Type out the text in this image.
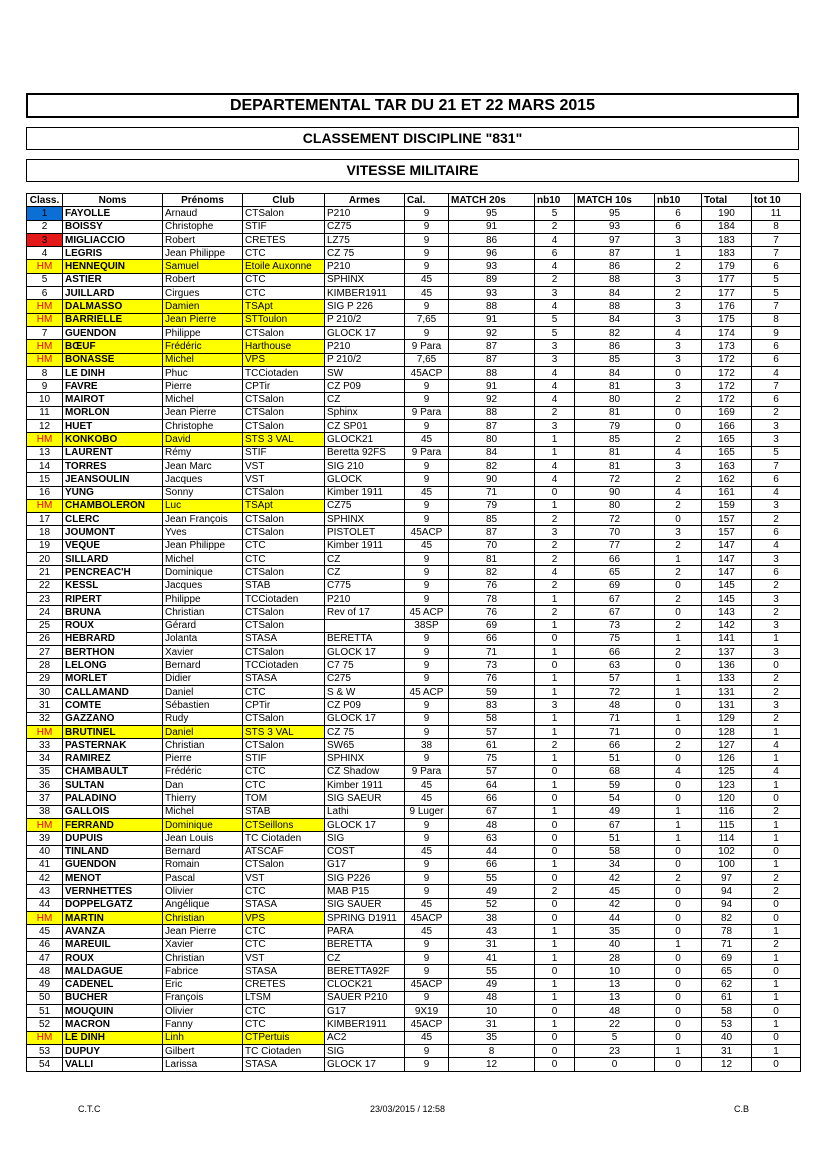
DEPARTEMENTAL TAR DU 21 ET 22 MARS 2015
CLASSEMENT DISCIPLINE "831"
VITESSE MILITAIRE
Class.	Noms	Prénoms	Club	Armes	Cal.	MATCH 20s	nb10	MATCH 10s	nb10	Total	tot 10
1	FAYOLLE	Arnaud	CTSalon	P210	9	95	5	95	6	190	11
2	BOISSY	Christophe	STIF	CZ75	9	91	2	93	6	184	8
3	MIGLIACCIO	Robert	CRETES	LZ75	9	86	4	97	3	183	7
4	LEGRIS	Jean Philippe	CTC	CZ 75	9	96	6	87	1	183	7
HM	HENNEQUIN	Samuel	Etoile Auxonne	P210	9	93	4	86	2	179	6
5	ASTIER	Robert	CTC	SPHINX	45	89	2	88	3	177	5
6	JUILLARD	Cirgues	CTC	KIMBER1911	45	93	3	84	2	177	5
HM	DALMASSO	Damien	TSApt	SIG P 226	9	88	4	88	3	176	7
HM	BARRIELLE	Jean Pierre	STToulon	P 210/2	7,65	91	5	84	3	175	8
7	GUENDON	Philippe	CTSalon	GLOCK 17	9	92	5	82	4	174	9
HM	BŒUF	Frédéric	Harthouse	P210	9 Para	87	3	86	3	173	6
HM	BONASSE	Michel	VPS	P 210/2	7,65	87	3	85	3	172	6
8	LE DINH	Phuc	TCCiotaden	SW	45ACP	88	4	84	0	172	4
9	FAVRE	Pierre	CPTir	CZ P09	9	91	4	81	3	172	7
10	MAIROT	Michel	CTSalon	CZ	9	92	4	80	2	172	6
11	MORLON	Jean Pierre	CTSalon	Sphinx	9 Para	88	2	81	0	169	2
12	HUET	Christophe	CTSalon	CZ SP01	9	87	3	79	0	166	3
HM	KONKOBO	David	STS 3 VAL	GLOCK21	45	80	1	85	2	165	3
13	LAURENT	Rémy	STIF	Beretta 92FS	9 Para	84	1	81	4	165	5
14	TORRES	Jean Marc	VST	SIG 210	9	82	4	81	3	163	7
15	JEANSOULIN	Jacques	VST	GLOCK	9	90	4	72	2	162	6
16	YUNG	Sonny	CTSalon	Kimber 1911	45	71	0	90	4	161	4
HM	CHAMBOLERON	Luc	TSApt	CZ75	9	79	1	80	2	159	3
17	CLERC	Jean François	CTSalon	SPHINX	9	85	2	72	0	157	2
18	JOUMONT	Yves	CTSalon	PISTOLET	45ACP	87	3	70	3	157	6
19	VEQUE	Jean Philippe	CTC	Kimber 1911	45	70	2	77	2	147	4
20	SILLARD	Michel	CTC	CZ	9	81	2	66	1	147	3
21	PENCREAC'H	Dominique	CTSalon	CZ	9	82	4	65	2	147	6
22	KESSL	Jacques	STAB	C775	9	76	2	69	0	145	2
23	RIPERT	Philippe	TCCiotaden	P210	9	78	1	67	2	145	3
24	BRUNA	Christian	CTSalon	Rev of 17	45 ACP	76	2	67	0	143	2
25	ROUX	Gérard	CTSalon		38SP	69	1	73	2	142	3
26	HEBRARD	Jolanta	STASA	BERETTA	9	66	0	75	1	141	1
27	BERTHON	Xavier	CTSalon	GLOCK 17	9	71	1	66	2	137	3
28	LELONG	Bernard	TCCiotaden	C7 75	9	73	0	63	0	136	0
29	MORLET	Didier	STASA	C275	9	76	1	57	1	133	2
30	CALLAMAND	Daniel	CTC	S & W	45 ACP	59	1	72	1	131	2
31	COMTE	Sébastien	CPTir	CZ P09	9	83	3	48	0	131	3
32	GAZZANO	Rudy	CTSalon	GLOCK 17	9	58	1	71	1	129	2
HM	BRUTINEL	Daniel	STS 3 VAL	CZ 75	9	57	1	71	0	128	1
33	PASTERNAK	Christian	CTSalon	SW65	38	61	2	66	2	127	4
34	RAMIREZ	Pierre	STIF	SPHINX	9	75	1	51	0	126	1
35	CHAMBAULT	Frédéric	CTC	CZ Shadow	9 Para	57	0	68	4	125	4
36	SULTAN	Dan	CTC	Kimber 1911	45	64	1	59	0	123	1
37	PALADINO	Thierry	TOM	SIG SAEUR	45	66	0	54	0	120	0
38	GALLOIS	Michel	STAB	Lathi	9 Luger	67	1	49	1	116	2
HM	FERRAND	Dominique	CTSeillons	GLOCK 17	9	48	0	67	1	115	1
39	DUPUIS	Jean Louis	TC Ciotaden	SIG	9	63	0	51	1	114	1
40	TINLAND	Bernard	ATSCAF	COST	45	44	0	58	0	102	0
41	GUENDON	Romain	CTSalon	G17	9	66	1	34	0	100	1
42	MENOT	Pascal	VST	SIG P226	9	55	0	42	2	97	2
43	VERNHETTES	Olivier	CTC	MAB P15	9	49	2	45	0	94	2
44	DOPPELGATZ	Angélique	STASA	SIG SAUER	45	52	0	42	0	94	0
HM	MARTIN	Christian	VPS	SPRING D1911	45ACP	38	0	44	0	82	0
45	AVANZA	Jean Pierre	CTC	PARA	45	43	1	35	0	78	1
46	MAREUIL	Xavier	CTC	BERETTA	9	31	1	40	1	71	2
47	ROUX	Christian	VST	CZ	9	41	1	28	0	69	1
48	MALDAGUE	Fabrice	STASA	BERETTA92F	9	55	0	10	0	65	0
49	CADENEL	Eric	CRETES	CLOCK21	45ACP	49	1	13	0	62	1
50	BUCHER	François	LTSM	SAUER P210	9	48	1	13	0	61	1
51	MOUQUIN	Olivier	CTC	G17	9X19	10	0	48	0	58	0
52	MACRON	Fanny	CTC	KIMBER1911	45ACP	31	1	22	0	53	1
HM	LE DINH	Linh	CTPertuis	AC2	45	35	0	5	0	40	0
53	DUPUY	Gilbert	TC Ciotaden	SIG	9	8	0	23	1	31	1
54	VALLI	Larissa	STASA	GLOCK 17	9	12	0	0	0	12	0
C.T.C	23/03/2015 / 12:58	C.B
